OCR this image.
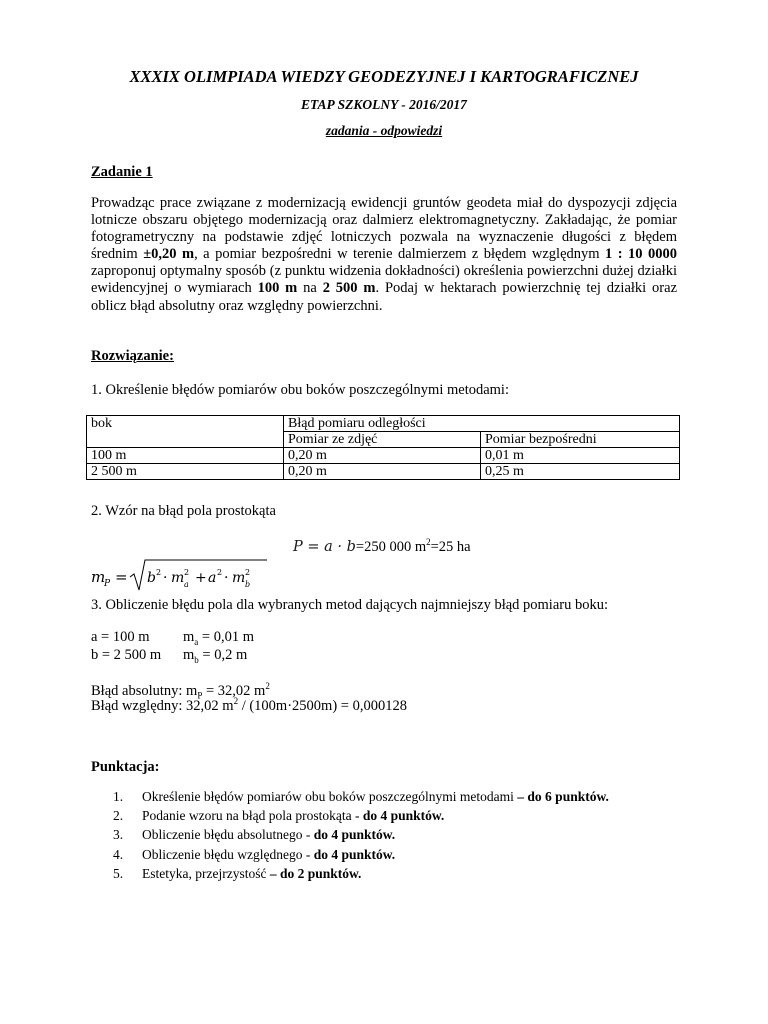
XXXIX OLIMPIADA WIEDZY GEODEZYJNEJ I KARTOGRAFICZNEJ
ETAP SZKOLNY - 2016/2017
zadania - odpowiedzi
Zadanie 1
Prowadząc prace związane z modernizacją ewidencji gruntów geodeta miał do dyspozycji zdjęcia lotnicze obszaru objętego modernizacją oraz dalmierz elektromagnetyczny. Zakładając, że pomiar fotogrametryczny na podstawie zdjęć lotniczych pozwala na wyznaczenie długości z błędem średnim ±0,20 m, a pomiar bezpośredni w terenie dalmierzem z błędem względnym 1 : 10 0000 zaproponuj optymalny sposób (z punktu widzenia dokładności) określenia powierzchni dużej działki ewidencyjnej o wymiarach 100 m na 2 500 m. Podaj w hektarach powierzchnię tej działki oraz oblicz błąd absolutny oraz względny powierzchni.
Rozwiązanie:
1. Określenie błędów pomiarów obu boków poszczególnymi metodami:
bok	Błąd pomiaru odległości	
	Pomiar ze zdjęć	Pomiar bezpośredni
100 m	0,20 m	0,01 m
2 500 m	0,20 m	0,25 m
2. Wzór na błąd pola prostokąta
P = a · b=250 000 $m^2=25$ ha
m
P = b 2 · m 2
a + a 2 · m 2
b
3. Obliczenie błędu pola dla wybranych metod dających najmniejszy błąd pomiaru boku:
a = 100 m $m_a = 0,01$ m
b = 2 500 m $m_b = 0,2$ m
Błąd absolutny: $m_P = 32,02$ $m^2$
Błąd względny: 32,02 $m^2 / (100m\cdot 2500m) = 0,000128$
Punktacja:
1. Określenie błędów pomiarów obu boków poszczególnymi metodami – do 6 punktów.
2. Podanie wzoru na błąd pola prostokąta - do 4 punktów.
3. Obliczenie błędu absolutnego - do 4 punktów.
4. Obliczenie błędu względnego - do 4 punktów.
5. Estetyka, przejrzystość – do 2 punktów.
